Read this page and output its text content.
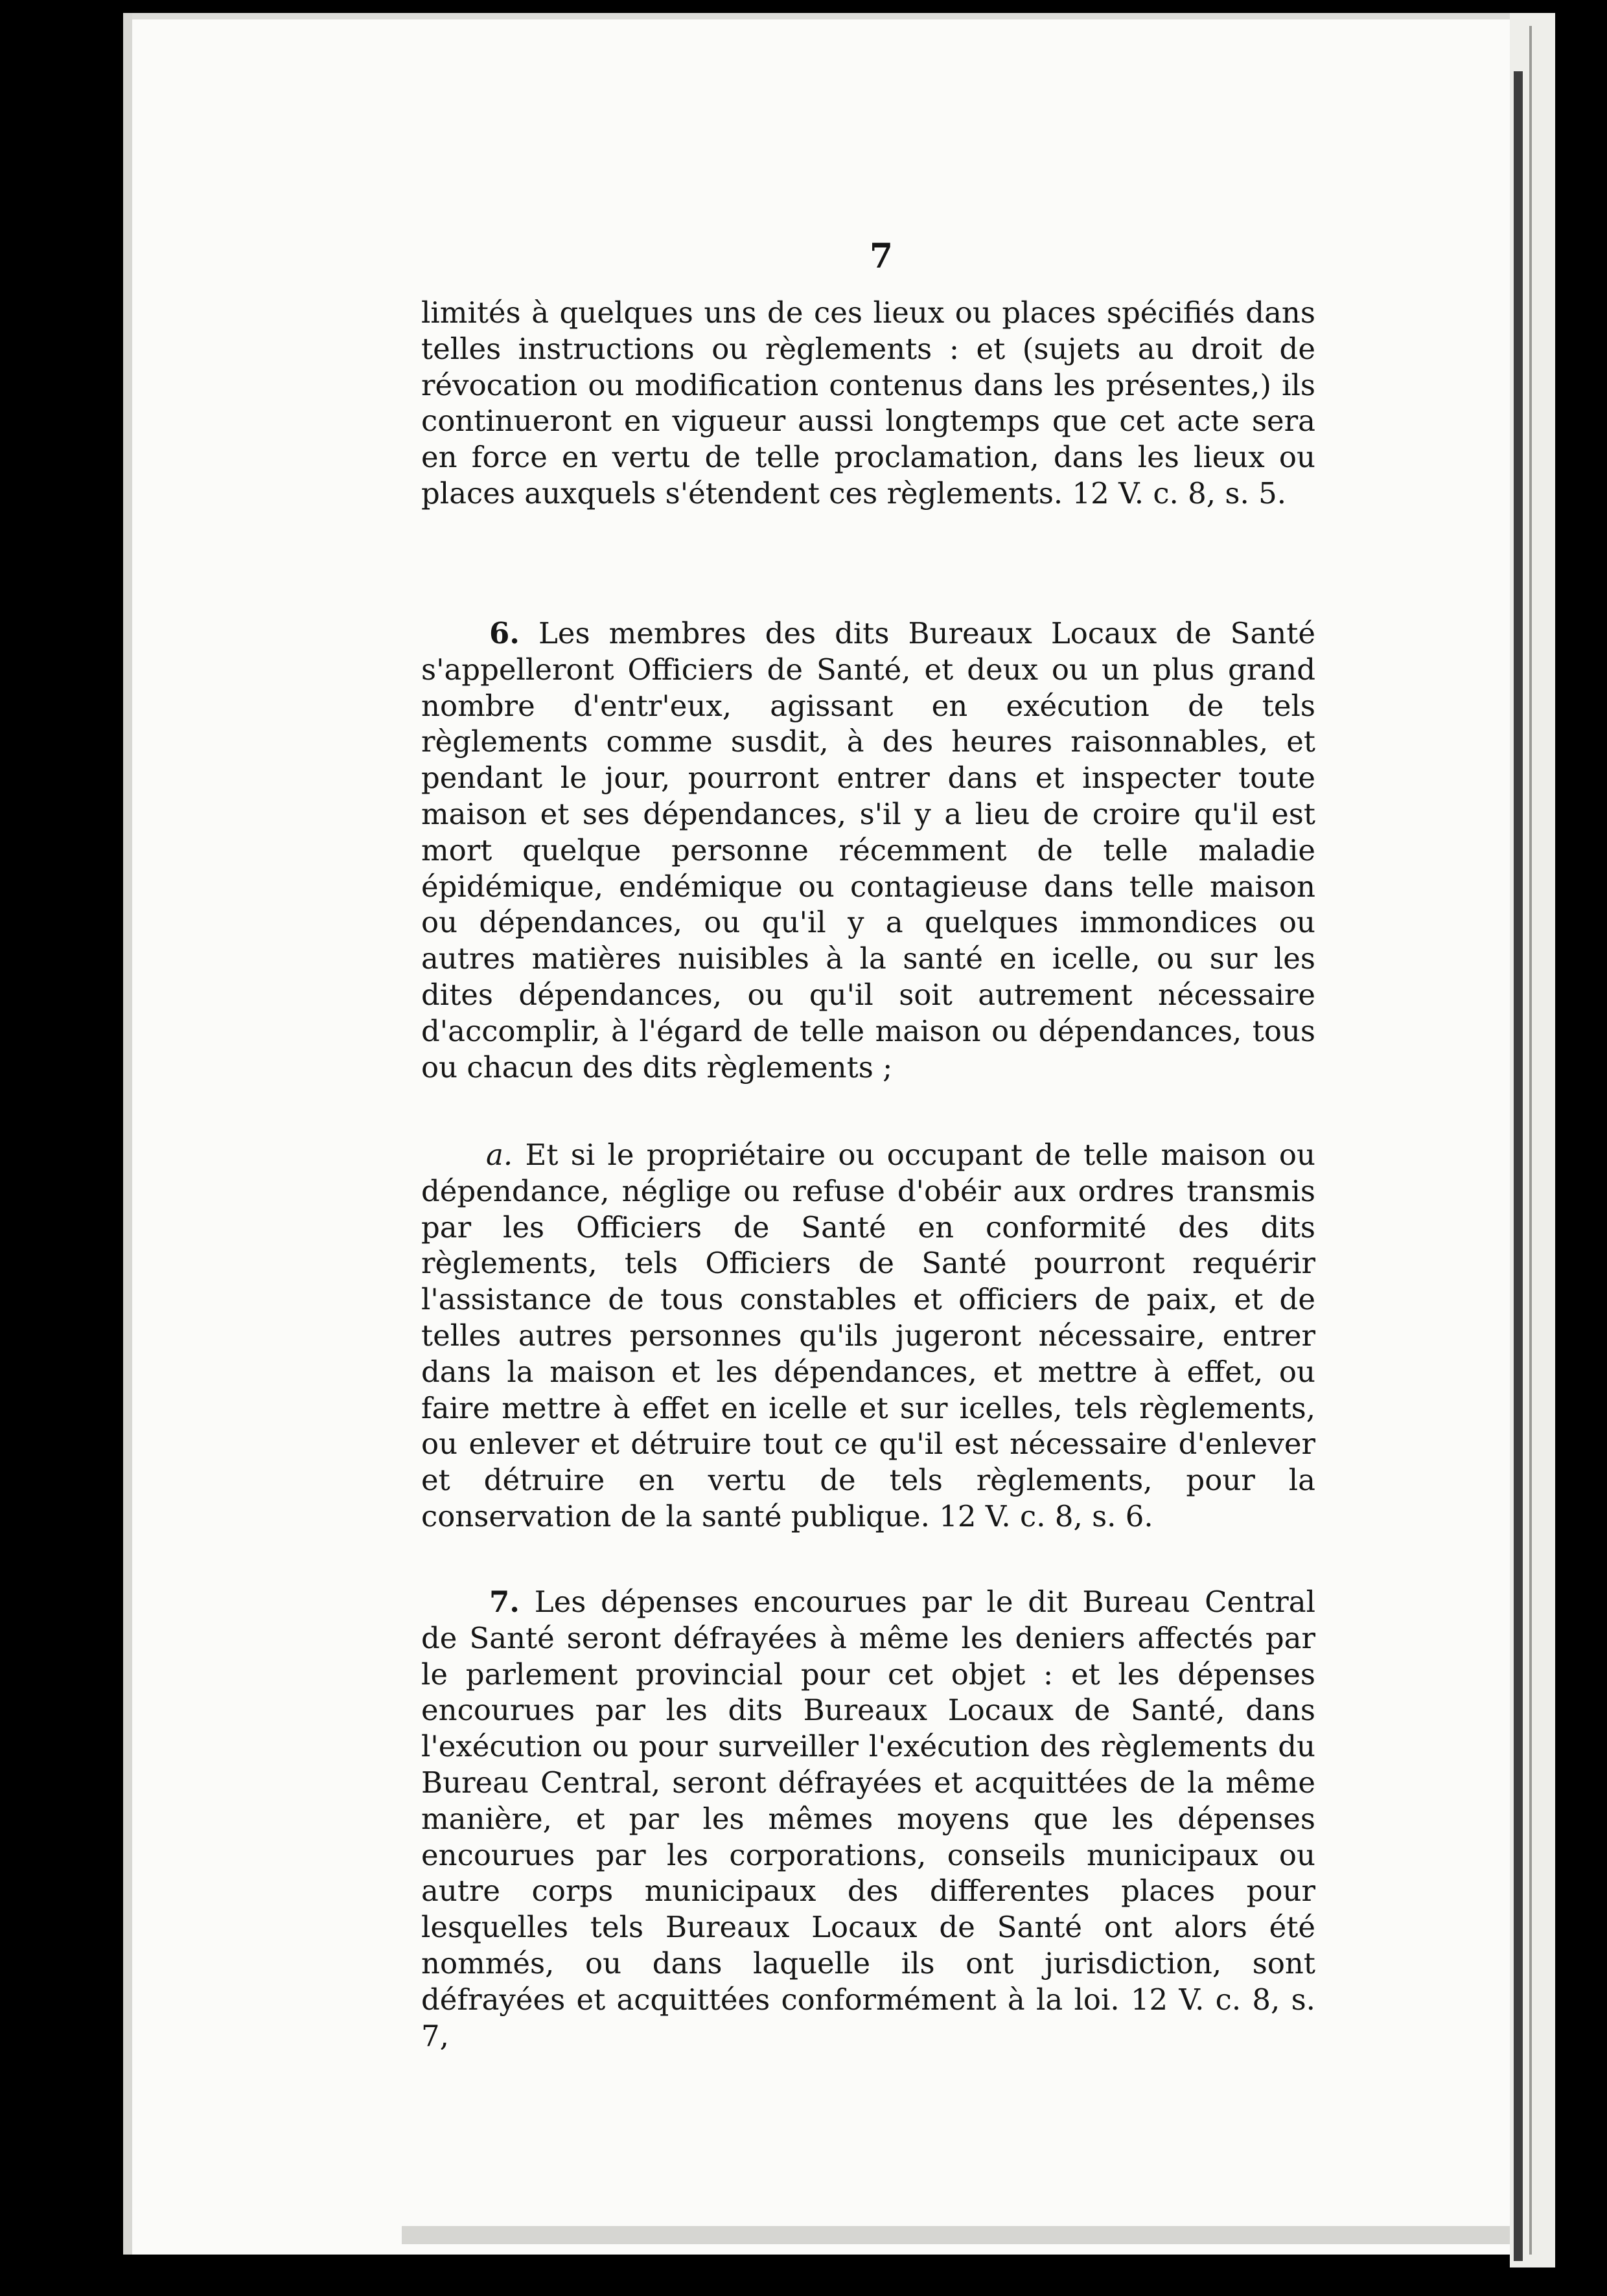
7

limités à quelques uns de ces lieux ou places spécifiés dans telles instructions ou règlements : et (sujets au droit de révocation ou modification contenus dans les présentes,) ils continueront en vigueur aussi longtemps que cet acte sera en force en vertu de telle proclamation, dans les lieux ou places auxquels s'étendent ces règlements. 12 V. c. 8, s. 5.

6. Les membres des dits Bureaux Locaux de Santé s'appelleront Officiers de Santé, et deux ou un plus grand nombre d'entr'eux, agissant en exécution de tels règlements comme susdit, à des heures raisonnables, et pendant le jour, pourront entrer dans et inspecter toute maison et ses dépendances, s'il y a lieu de croire qu'il est mort quelque personne récemment de telle maladie épidémique, endémique ou contagieuse dans telle maison ou dépendances, ou qu'il y a quelques immondices ou autres matières nuisibles à la santé en icelle, ou sur les dites dépendances, ou qu'il soit autrement nécessaire d'accomplir, à l'égard de telle maison ou dépendances, tous ou chacun des dits règlements ;

a. Et si le propriétaire ou occupant de telle maison ou dépendance, néglige ou refuse d'obéir aux ordres transmis par les Officiers de Santé en conformité des dits règlements, tels Officiers de Santé pourront requérir l'assistance de tous constables et officiers de paix, et de telles autres personnes qu'ils jugeront nécessaire, entrer dans la maison et les dépendances, et mettre à effet, ou faire mettre à effet en icelle et sur icelles, tels règlements, ou enlever et détruire tout ce qu'il est nécessaire d'enlever et détruire en vertu de tels règlements, pour la conservation de la santé publique. 12 V. c. 8, s. 6.

7. Les dépenses encourues par le dit Bureau Central de Santé seront défrayées à même les deniers affectés par le parlement provincial pour cet objet : et les dépenses encourues par les dits Bureaux Locaux de Santé, dans l'exécution ou pour surveiller l'exécution des règlements du Bureau Central, seront défrayées et acquittées de la même manière, et par les mêmes moyens que les dépenses encourues par les corporations, conseils municipaux ou autre corps municipaux des differentes places pour lesquelles tels Bureaux Locaux de Santé ont alors été nommés, ou dans laquelle ils ont jurisdiction, sont défrayées et acquittées conformément à la loi. 12 V. c. 8, s. 7,
